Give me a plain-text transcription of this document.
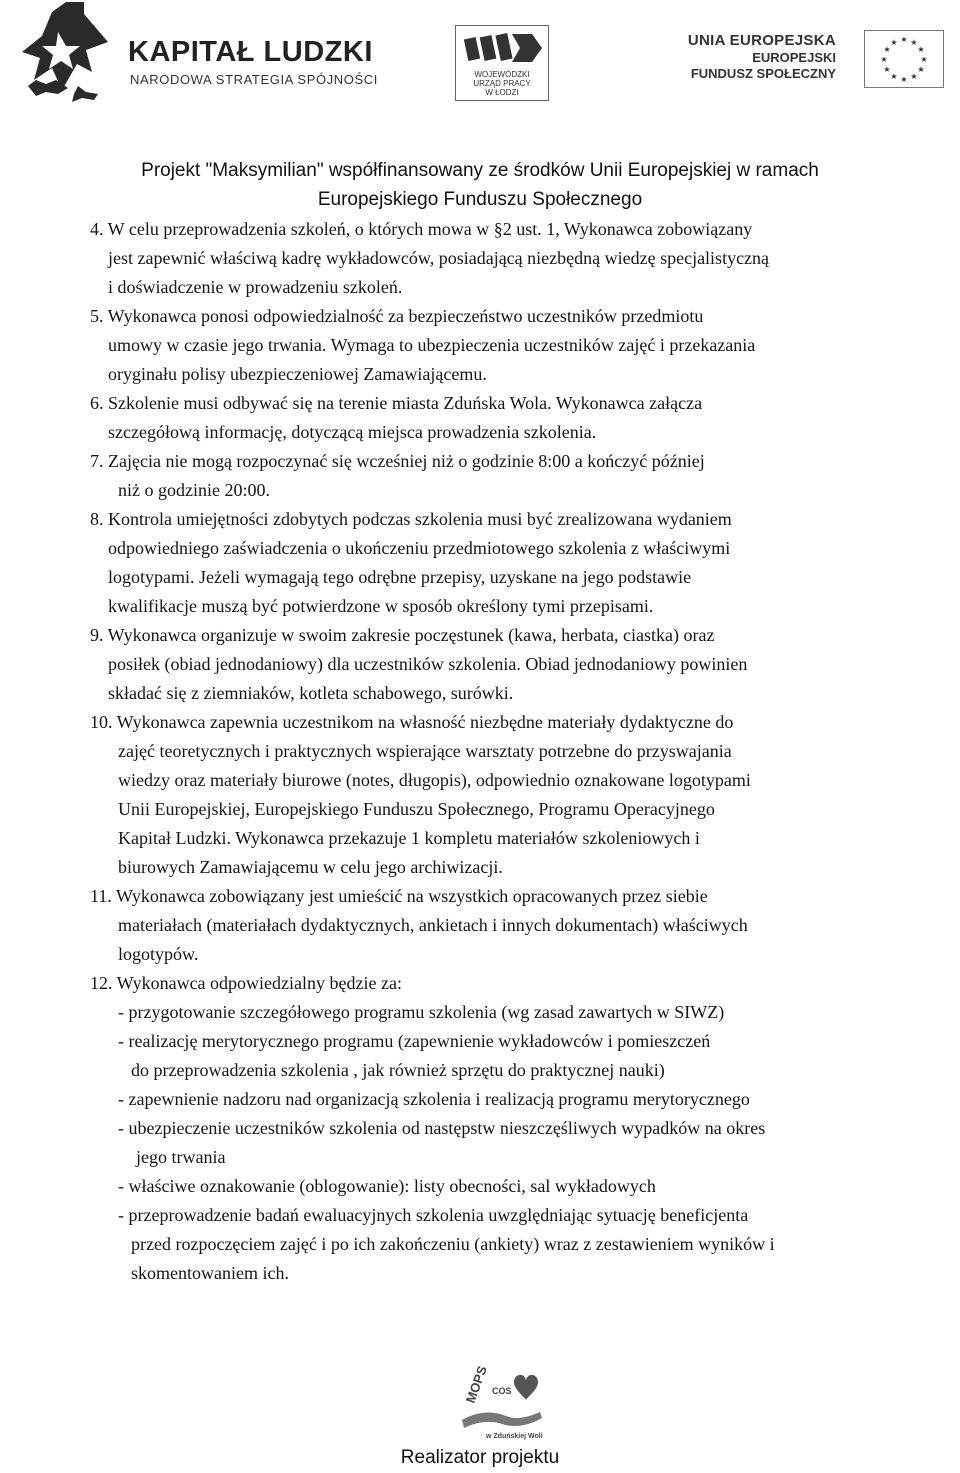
KAPITAŁ LUDZKI
NARODOWA STRATEGIA SPÓJNOŚCI	WOJEWÓDZKI
URZĄD PRACY
W ŁODZI
UNIA EUROPEJSKA
EUROPEJSKI
FUNDUSZ SPOŁECZNY
★ ★
★
★
★
★
★
★
★
★
★
★
Projekt "Maksymilian" współfinansowany ze środków Unii Europejskiej w ramach
Europejskiego Funduszu Społecznego
4. W celu przeprowadzenia szkoleń, o których mowa w §2 ust. 1, Wykonawca zobowiązany
jest zapewnić właściwą kadrę wykładowców, posiadającą niezbędną wiedzę specjalistyczną
i doświadczenie w prowadzeniu szkoleń.
5. Wykonawca ponosi odpowiedzialność za bezpieczeństwo uczestników przedmiotu
umowy w czasie jego trwania. Wymaga to ubezpieczenia uczestników zajęć i przekazania
oryginału polisy ubezpieczeniowej Zamawiającemu.
6. Szkolenie musi odbywać się na terenie miasta Zduńska Wola. Wykonawca załącza
szczegółową informację, dotyczącą miejsca prowadzenia szkolenia.
7. Zajęcia nie mogą rozpoczynać się wcześniej niż o godzinie 8:00 a kończyć później
niż o godzinie 20:00.
8. Kontrola umiejętności zdobytych podczas szkolenia musi być zrealizowana wydaniem
odpowiedniego zaświadczenia o ukończeniu przedmiotowego szkolenia z właściwymi
logotypami. Jeżeli wymagają tego odrębne przepisy, uzyskane na jego podstawie
kwalifikacje muszą być potwierdzone w sposób określony tymi przepisami.
9. Wykonawca organizuje w swoim zakresie poczęstunek (kawa, herbata, ciastka) oraz
posiłek (obiad jednodaniowy) dla uczestników szkolenia. Obiad jednodaniowy powinien
składać się z ziemniaków, kotleta schabowego, surówki.
10. Wykonawca zapewnia uczestnikom na własność niezbędne materiały dydaktyczne do
zajęć teoretycznych i praktycznych wspierające warsztaty potrzebne do przyswajania
wiedzy oraz materiały biurowe (notes, długopis), odpowiednio oznakowane logotypami
Unii Europejskiej, Europejskiego Funduszu Społecznego, Programu Operacyjnego
Kapitał Ludzki. Wykonawca przekazuje 1 kompletu materiałów szkoleniowych i
biurowych Zamawiającemu w celu jego archiwizacji.
11. Wykonawca zobowiązany jest umieścić na wszystkich opracowanych przez siebie
materiałach (materiałach dydaktycznych, ankietach i innych dokumentach) właściwych
logotypów.
12. Wykonawca odpowiedzialny będzie za:
- przygotowanie szczegółowego programu szkolenia (wg zasad zawartych w SIWZ)
- realizację merytorycznego programu (zapewnienie wykładowców i pomieszczeń
do przeprowadzenia szkolenia , jak również sprzętu do praktycznej nauki)
- zapewnienie nadzoru nad organizacją szkolenia i realizacją programu merytorycznego
- ubezpieczenie uczestników szkolenia od następstw nieszczęśliwych wypadków na okres
jego trwania
- właściwe oznakowanie (oblogowanie): listy obecności, sal wykładowych
- przeprowadzenie badań ewaluacyjnych szkolenia uwzględniając sytuację beneficjenta
przed rozpoczęciem zajęć i po ich zakończeniu (ankiety) wraz z zestawieniem wyników i
skomentowaniem ich.
MOPS COS
w Zduńskiej Woli
Realizator projektu
